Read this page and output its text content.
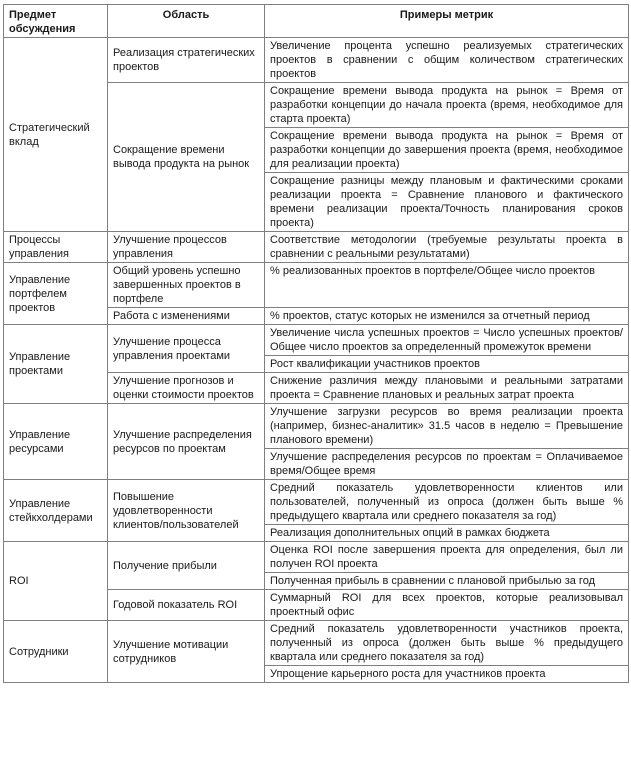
Предмет обсуждения	Область	Примеры метрик
Стратегический вклад	Реализация стратегических проектов	Увеличение процента успешно реализуемых стратегических проектов в сравнении с общим количеством стратегических проектов
	Сокращение времени вывода продукта на рынок	Сокращение времени вывода продукта на рынок = Время от разработки концепции до начала проекта (время, необходимое для старта проекта)
		Сокращение времени вывода продукта на рынок = Время от разработки концепции до завершения проекта (время, необходимое для реализации проекта)
		Сокращение разницы между плановым и фактическими сроками реализации проекта = Сравнение планового и фактического времени реализации проекта/Точность планирования сроков проекта)
Процессы управления	Улучшение процессов управления	Соответствие методологии (требуемые результаты проекта в сравнении с реальными результатами)
Управление портфелем проектов	Общий уровень успешно завершенных проектов в портфеле	% реализованных проектов в портфеле/Общее число проектов
	Работа с изменениями	% проектов, статус которых не изменился за отчетный период
Управление проектами	Улучшение процесса управления проектами	Увеличение числа успешных проектов = Число успешных проектов/Общее число проектов за определенный промежуток времени
		Рост квалификации участников проектов
	Улучшение прогнозов и оценки стоимости проектов	Снижение различия между плановыми и реальными затратами проекта = Сравнение плановых и реальных затрат проекта
Управление ресурсами	Улучшение распределения ресурсов по проектам	Улучшение загрузки ресурсов во время реализации проекта (например, бизнес-аналитик» 31.5 часов в неделю = Превышение планового времени)
		Улучшение распределения ресурсов по проектам = Оплачиваемое время/Общее время
Управление стейкхолдерами	Повышение удовлетворенности клиентов/пользователей	Средний показатель удовлетворенности клиентов или пользователей, полученный из опроса (должен быть выше % предыдущего квартала или среднего показателя за год)
		Реализация дополнительных опций в рамках бюджета
ROI	Получение прибыли	Оценка ROI после завершения проекта для определения, был ли получен ROI проекта
		Полученная прибыль в сравнении с плановой прибылью за год
	Годовой показатель ROI	Суммарный ROI для всех проектов, которые реализовывал проектный офис
Сотрудники	Улучшение мотивации сотрудников	Средний показатель удовлетворенности участников проекта, полученный из опроса (должен быть выше % предыдущего квартала или среднего показателя за год)
		Упрощение карьерного роста для участников проекта
